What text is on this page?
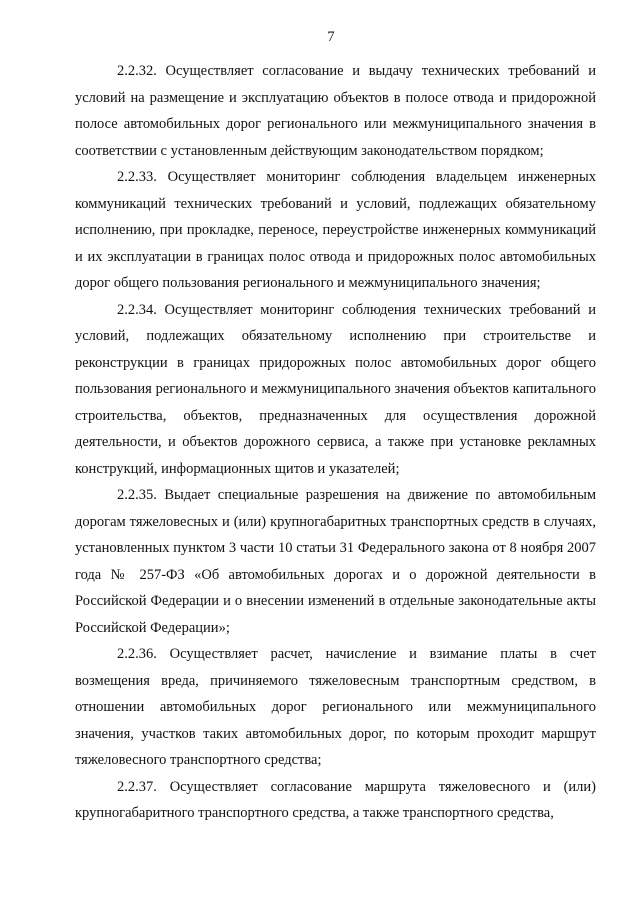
7

2.2.32. Осуществляет согласование и выдачу технических требований и условий на размещение и эксплуатацию объектов в полосе отвода и придорожной полосе автомобильных дорог регионального или межмуниципального значения в соответствии с установленным действующим законодательством порядком;

2.2.33. Осуществляет мониторинг соблюдения владельцем инженерных коммуникаций технических требований и условий, подлежащих обязательному исполнению, при прокладке, переносе, переустройстве инженерных коммуникаций и их эксплуатации в границах полос отвода и придорожных полос автомобильных дорог общего пользования регионального и межмуниципального значения;

2.2.34. Осуществляет мониторинг соблюдения технических требований и условий, подлежащих обязательному исполнению при строительстве и реконструкции в границах придорожных полос автомобильных дорог общего пользования регионального и межмуниципального значения объектов капитального строительства, объектов, предназначенных для осуществления дорожной деятельности, и объектов дорожного сервиса, а также при установке рекламных конструкций, информационных щитов и указателей;

2.2.35. Выдает специальные разрешения на движение по автомобильным дорогам тяжеловесных и (или) крупногабаритных транспортных средств в случаях, установленных пунктом 3 части 10 статьи 31 Федерального закона от 8 ноября 2007 года № 257-ФЗ «Об автомобильных дорогах и о дорожной деятельности в Российской Федерации и о внесении изменений в отдельные законодательные акты Российской Федерации»;

2.2.36. Осуществляет расчет, начисление и взимание платы в счет возмещения вреда, причиняемого тяжеловесным транспортным средством, в отношении автомобильных дорог регионального или межмуниципального значения, участков таких автомобильных дорог, по которым проходит маршрут тяжеловесного транспортного средства;

2.2.37. Осуществляет согласование маршрута тяжеловесного и (или) крупногабаритного транспортного средства, а также транспортного средства,
